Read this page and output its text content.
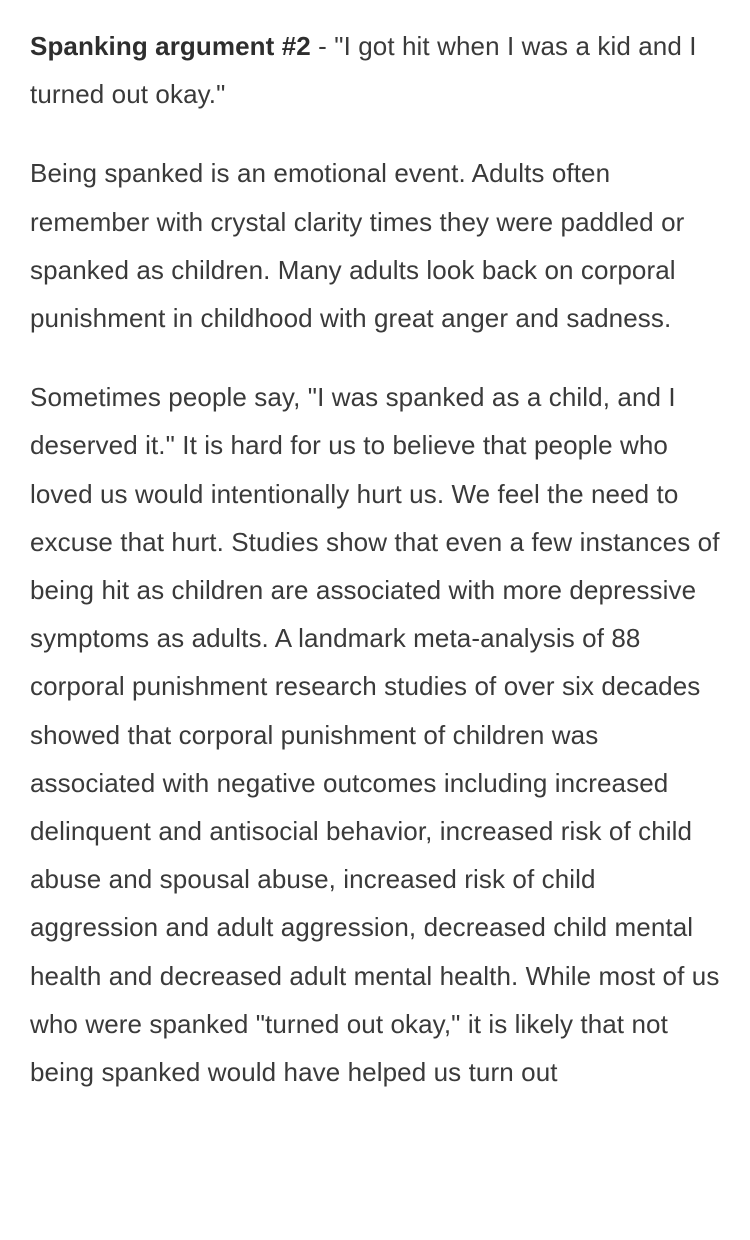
Spanking argument #2 - "I got hit when I was a kid and I turned out okay."

Being spanked is an emotional event. Adults often remember with crystal clarity times they were paddled or spanked as children. Many adults look back on corporal punishment in childhood with great anger and sadness.

Sometimes people say, "I was spanked as a child, and I deserved it." It is hard for us to believe that people who loved us would intentionally hurt us. We feel the need to excuse that hurt. Studies show that even a few instances of being hit as children are associated with more depressive symptoms as adults. A landmark meta-analysis of 88 corporal punishment research studies of over six decades showed that corporal punishment of children was associated with negative outcomes including increased delinquent and antisocial behavior, increased risk of child abuse and spousal abuse, increased risk of child aggression and adult aggression, decreased child mental health and decreased adult mental health. While most of us who were spanked "turned out okay," it is likely that not being spanked would have helped us turn out
